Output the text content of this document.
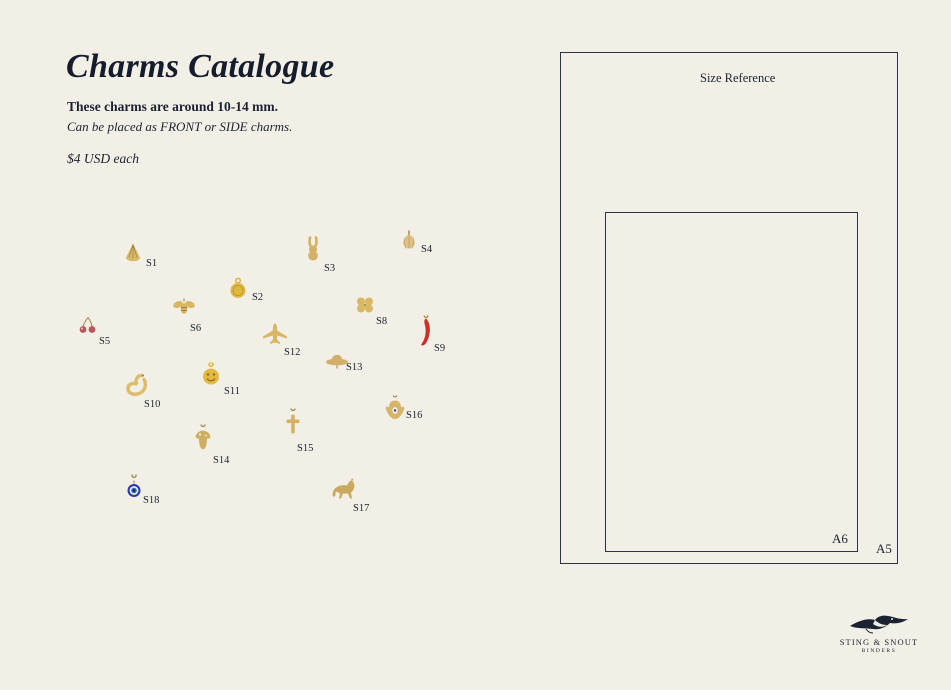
Charms Catalogue
These charms are around 10-14 mm.
Can be placed as FRONT or SIDE charms.
$4 USD each
Size Reference
A6
A5
S1
S2
S3
S4
S5
S6
S8
S9
S10
S11
S12
S13
S14
S15
S16
S17
S18
STING & SNOUT
BINDERS
